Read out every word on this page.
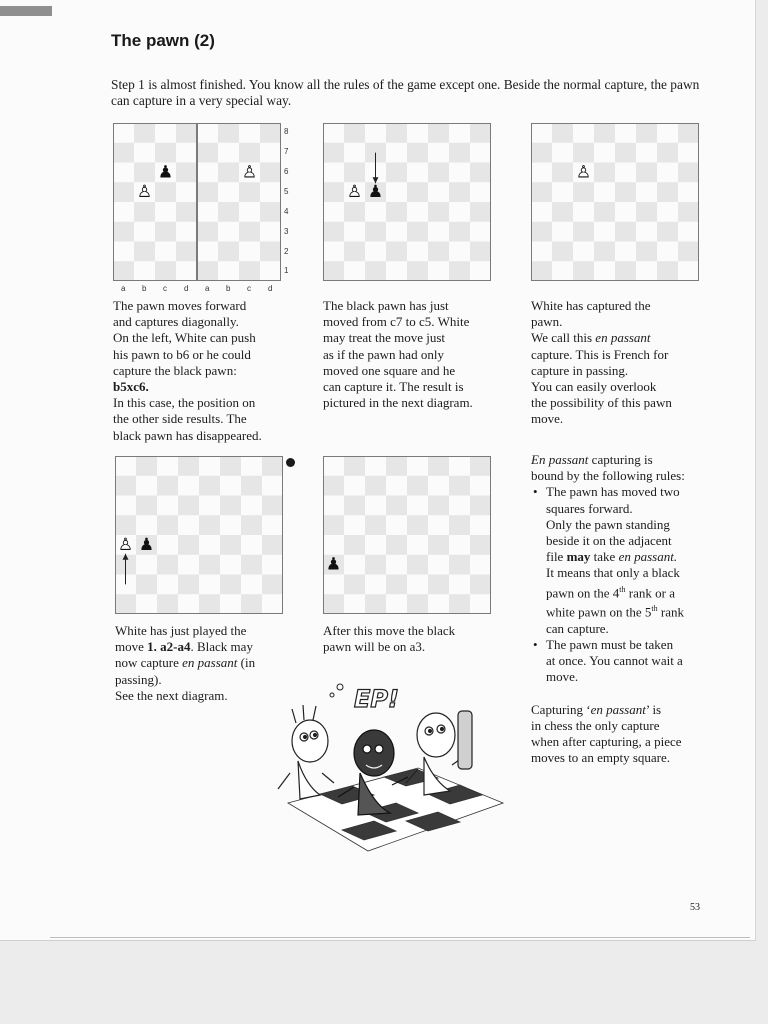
The pawn (2)

Step 1 is almost finished. You know all the rules of the game except one. Beside the normal capture, the pawn can capture in a very special way.

♟
♙
♙
♙ ♟
♙
8
7
6
5
4
3
2
1
a b c d a b c d

The pawn moves forward
and captures diagonally.
On the left, White can push
his pawn to b6 or he could
capture the black pawn:
b5xc6.
In this case, the position on
the other side results. The
black pawn has disappeared.

The black pawn has just
moved from c7 to c5. White
may treat the move just
as if the pawn had only
moved one square and he
can capture it. The result is
pictured in the next diagram.

White has captured the
pawn.
We call this en passant
capture. This is French for
capture in passing.
You can easily overlook
the possibility of this pawn
move.

♙ ♟
♟

White has just played the
move 1. a2-a4. Black may
now capture en passant (in
passing).
See the next diagram.

After this move the black
pawn will be on a3.

En passant capturing is
bound by the following rules:
• The pawn has moved two
squares forward.
Only the pawn standing
beside it on the adjacent
file may take en passant.
It means that only a black
pawn on the 4th rank or a
white pawn on the 5th rank
can capture.
• The pawn must be taken
at once. You cannot wait a
move.
Capturing ‘en passant’ is
in chess the only capture
when after capturing, a piece
moves to an empty square.
EP!
53
